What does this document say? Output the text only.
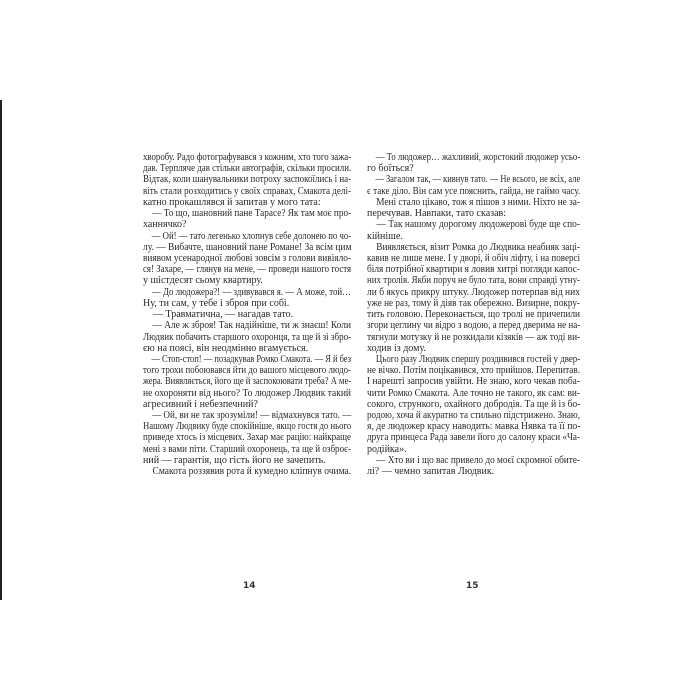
хворобу. Радо фотографувався з кожним, хто того зажа-
дав. Терпляче дав стільки автографів, скільки просили.
Відтак, коли шанувальники потроху заспокоїлись і на-
віть стали розходитись у своїх справах, Смакота делі-
катно прокашлявся й запитав у мого тата:
— То що, шановний пане Тарасе? Як там моє про-
ханнячко?
— Ой! — тато легенько хлопнув себе долонею по чо-
лу. — Вибачте, шановний пане Романе! За всім цим
виявом усенародної любові зовсім з голови вивіяло-
ся! Захаре, — глянув на мене, — проведи нашого гостя
у шістдесят сьому квартиру.
— До людожера?! — здивувався я. — А може, той…
Ну, ти сам, у тебе і зброя при собі.
— Травматична, — нагадав тато.
— Але ж зброя! Так надійніше, ти ж знаєш! Коли
Людвик побачить старшого охоронця, та ще й зі збро-
єю на поясі, він неодмінно вгамується.
— Стоп-стоп! — позадкував Ромко Смакота. — Я й без
того трохи побоювався йти до вашого місцевого людо-
жера. Виявляється, його ще й заспокоювати треба? А ме-
не охороняти від нього? То людожер Людвик такий
агресивний і небезпечний?
— Ой, ви не так зрозуміли! — відмахнувся тато. —
Нашому Людвику буде спокійніше, якщо гостя до нього
приведе хтось із місцевих. Захар має рацію: найкраще
мені з вами піти. Старший охоронець, та ще й озброє-
ний — гарантія, що гість його не зачепить.
Смакота роззявив рота й кумедно кліпнув очима.
— То людожер… жахливий, жорстокий людожер усьо-
го боїться?
— Загалом так, — кивнув тато. — Не всього, не всіх, але
є таке діло. Він сам усе пояснить, гайда, не гаймо часу.
Мені стало цікаво, тож я пішов з ними. Ніхто не за-
перечував. Навпаки, тато сказав:
— Так нашому дорогому людожерові буде ще спо-
кійніше.
Виявляється, візит Ромка до Людвика неабияк заці-
кавив не лише мене. І у дворі, й обіч ліфту, і на поверсі
біля потрібної квартири я ловив хитрі погляди капос-
них тролів. Якби поруч не було тата, вони справді утну-
ли б якусь прикру штуку. Людожер потерпав від них
уже не раз, тому й діяв так обережно. Визирне, покру-
тить головою. Переконається, що тролі не причепили
згори цеглину чи відро з водою, а перед дверима не на-
тягнули мотузку й не розкидали кізяків — аж тоді ви-
ходив із дому.
Цього разу Людвик спершу роздивився гостей у двер-
не вічко. Потім поцікавився, хто прийшов. Перепитав.
І нарешті запросив увійти. Не знаю, кого чекав поба-
чити Ромко Смакота. Але точно не такого, як сам: ви-
сокого, стрункого, охайного добродія. Та ще й із бо-
родою, хоча й акуратно та стильно підстрижено. Знаю,
я, де людожер красу наводить: мавка Нявка та її по-
друга принцеса Рада завели його до салону краси «Ча-
родійка».
— Хто ви і що вас привело до моєї скромної обите-
лі? — чемно запитав Людвик.
14	15
